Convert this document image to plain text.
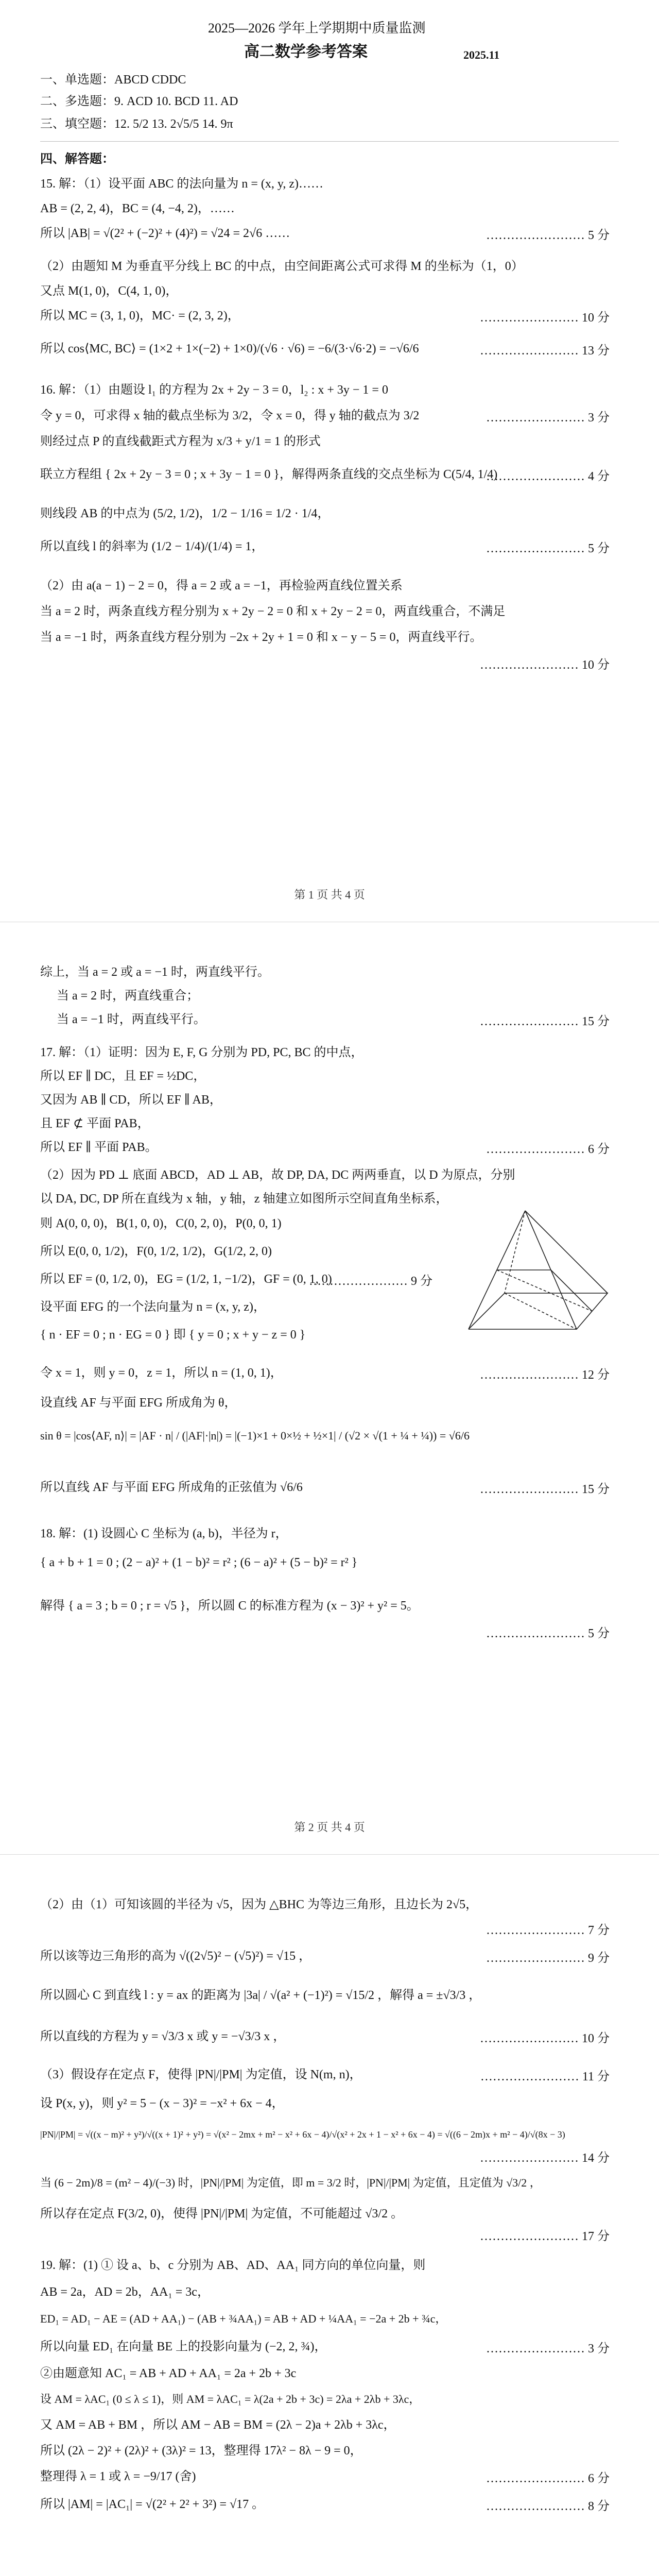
2025—2026 学年上学期期中质量监测
高二数学参考答案	2025.11
一、单选题：ABCD CDDC
二、多选题：9. ACD 10. BCD 11. AD
三、填空题：12. 5/2 13. 2√5/5 14. 9π
四、解答题：
15. 解：（1）设平面 ABC 的法向量为 n = (x, y, z)……
AB = (2, 2, 4)，BC = (4, −4, 2)，……
所以 |AB| = √(2² + (−2)² + (4)²) = √24 = 2√6 ……	…………………… 5 分
（2）由题知 M 为垂直平分线上 BC 的中点，由空间距离公式可求得 M 的坐标为（1，0）
又点 M(1, 0)，C(4, 1, 0)，
所以 MC = (3, 1, 0)，MC· = (2, 3, 2)，	…………………… 10 分
所以 cos⟨MC, BC⟩ = (1×2 + 1×(−2) + 1×0)/(√6 · √6) = −6/(3·√6·2) = −√6/6	…………………… 13 分
16. 解：（1）由题设 l₁ 的方程为 2x + 2y − 3 = 0，l₂ : x + 3y − 1 = 0
令 y = 0，可求得 x 轴的截点坐标为 3/2，令 x = 0，得 y 轴的截点为 3/2	…………………… 3 分
则经过点 P 的直线截距式方程为 x/3 + y/1 = 1 的形式
联立方程组 { 2x + 2y − 3 = 0 ; x + 3y − 1 = 0 }，解得两条直线的交点坐标为 C(5/4, 1/4)
…………………… 4 分
则线段 AB 的中点为 (5/2, 1/2)，1/2 − 1/16 = 1/2 · 1/4，
所以直线 l 的斜率为 (1/2 − 1/4)/(1/4) = 1，	…………………… 5 分
（2）由 a(a − 1) − 2 = 0，得 a = 2 或 a = −1，再检验两直线位置关系
当 a = 2 时，两条直线方程分别为 x + 2y − 2 = 0 和 x + 2y − 2 = 0，两直线重合，不满足
当 a = −1 时，两条直线方程分别为 −2x + 2y + 1 = 0 和 x − y − 5 = 0，两直线平行。
…………………… 10 分
第 1 页 共 4 页
综上，当 a = 2 或 a = −1 时，两直线平行。
当 a = 2 时，两直线重合；
当 a = −1 时，两直线平行。	…………………… 15 分
17. 解：（1）证明：因为 E, F, G 分别为 PD, PC, BC 的中点，
所以 EF ∥ DC，且 EF = ½DC，
又因为 AB ∥ CD，所以 EF ∥ AB，
且 EF ⊄ 平面 PAB，
所以 EF ∥ 平面 PAB。	…………………… 6 分
（2）因为 PD ⊥ 底面 ABCD，AD ⊥ AB，故 DP, DA, DC 两两垂直，以 D 为原点，分别
以 DA, DC, DP 所在直线为 x 轴，y 轴，z 轴建立如图所示空间直角坐标系，
则 A(0, 0, 0)，B(1, 0, 0)，C(0, 2, 0)，P(0, 0, 1)
所以 E(0, 0, 1/2)，F(0, 1/2, 1/2)，G(1/2, 2, 0)
所以 EF = (0, 1/2, 0)，EG = (1/2, 1, −1/2)，GF = (0, 1, 0)
…………………… 9 分
设平面 EFG 的一个法向量为 n = (x, y, z)，
{ n · EF = 0 ; n · EG = 0 } 即 { y = 0 ; x + y − z = 0 }
令 x = 1，则 y = 0，z = 1，所以 n = (1, 0, 1)，	…………………… 12 分
设直线 AF 与平面 EFG 所成角为 θ，
sin θ = |cos⟨AF, n⟩| = |AF · n| / (|AF|·|n|) = |(−1)×1 + 0×½ + ½×1| / (√2 × √(1 + ¼ + ¼)) = √6/6
所以直线 AF 与平面 EFG 所成角的正弦值为 √6/6	…………………… 15 分
18. 解：(1) 设圆心 C 坐标为 (a, b)，半径为 r，
{ a + b + 1 = 0 ; (2 − a)² + (1 − b)² = r² ; (6 − a)² + (5 − b)² = r² }
解得 { a = 3 ; b = 0 ; r = √5 }，所以圆 C 的标准方程为 (x − 3)² + y² = 5。
…………………… 5 分
第 2 页 共 4 页
（2）由（1）可知该圆的半径为 √5，因为 △BHC 为等边三角形，且边长为 2√5，
…………………… 7 分
所以该等边三角形的高为 √((2√5)² − (√5)²) = √15 ，	…………………… 9 分
所以圆心 C 到直线 l : y = ax 的距离为 |3a| / √(a² + (−1)²) = √15/2 ，解得 a = ±√3/3 ，
所以直线的方程为 y = √3/3 x 或 y = −√3/3 x ，	…………………… 10 分
（3）假设存在定点 F，使得 |PN|/|PM| 为定值，设 N(m, n)，	…………………… 11 分
设 P(x, y)，则 y² = 5 − (x − 3)² = −x² + 6x − 4，
|PN|/|PM| = √((x − m)² + y²)/√((x + 1)² + y²) = √(x² − 2mx + m² − x² + 6x − 4)/√(x² + 2x + 1 − x² + 6x − 4) = √((6 − 2m)x + m² − 4)/√(8x − 3)
…………………… 14 分
当 (6 − 2m)/8 = (m² − 4)/(−3) 时，|PN|/|PM| 为定值，即 m = 3/2 时，|PN|/|PM| 为定值，且定值为 √3/2 ，
所以存在定点 F(3/2, 0)，使得 |PN|/|PM| 为定值，不可能超过 √3/2 。
…………………… 17 分
19. 解：(1) ① 设 a、b、c 分别为 AB、AD、AA₁ 同方向的单位向量，则
AB = 2a，AD = 2b，AA₁ = 3c，
ED₁ = AD₁ − AE = (AD + AA₁) − (AB + ¾AA₁) = AB + AD + ¼AA₁ = −2a + 2b + ¾c，
所以向量 ED₁ 在向量 BE 上的投影向量为 (−2, 2, ¾)，	…………………… 3 分
②由题意知 AC₁ = AB + AD + AA₁ = 2a + 2b + 3c
设 AM = λAC₁ (0 ≤ λ ≤ 1)，则 AM = λAC₁ = λ(2a + 2b + 3c) = 2λa + 2λb + 3λc，
又 AM = AB + BM ，所以 AM − AB = BM = (2λ − 2)a + 2λb + 3λc，
所以 (2λ − 2)² + (2λ)² + (3λ)² = 13，整理得 17λ² − 8λ − 9 = 0，
整理得 λ = 1 或 λ = −9/17 (舍)	…………………… 6 分
所以 |AM| = |AC₁| = √(2² + 2² + 3²) = √17 。	…………………… 8 分
